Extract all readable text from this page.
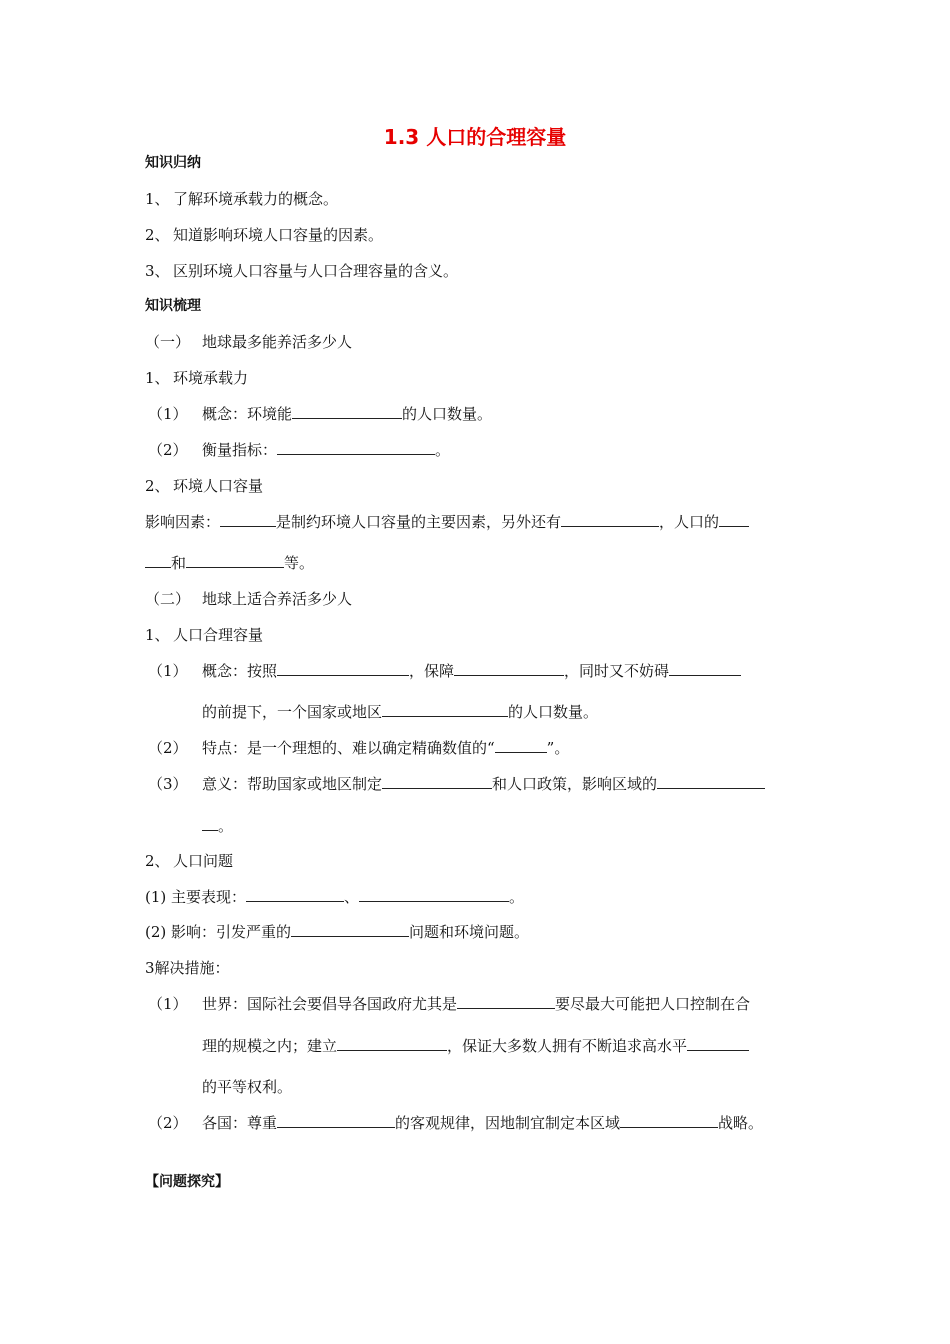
1.3 人口的合理容量
知识归纳
1、 了解环境承载力的概念。
2、 知道影响环境人口容量的因素。
3、 区别环境人口容量与人口合理容量的含义。
知识梳理
（一） 地球最多能养活多少人
1、 环境承载力
（1） 概念：环境能	的人口数量。
（2） 衡量指标：	。
2、 环境人口容量
影响因素：	是制约环境人口容量的主要因素，另外还有	，人口的
和	等。
（二） 地球上适合养活多少人
1、 人口合理容量
（1） 概念：按照	，保障	，同时又不妨碍
的前提下，一个国家或地区	的人口数量。
（2） 特点：是一个理想的、难以确定精确数值的“	”。
（3） 意义：帮助国家或地区制定	和人口政策，影响区域的
。
2、 人口问题
(1) 主要表现：	、	。
(2) 影响：引发严重的	问题和环境问题。
3解决措施：
（1） 世界：国际社会要倡导各国政府尤其是	要尽最大可能把人口控制在合
理的规模之内；建立	，保证大多数人拥有不断追求高水平
的平等权利。
（2） 各国：尊重	的客观规律，因地制宜制定本区域	战略。
【问题探究】
